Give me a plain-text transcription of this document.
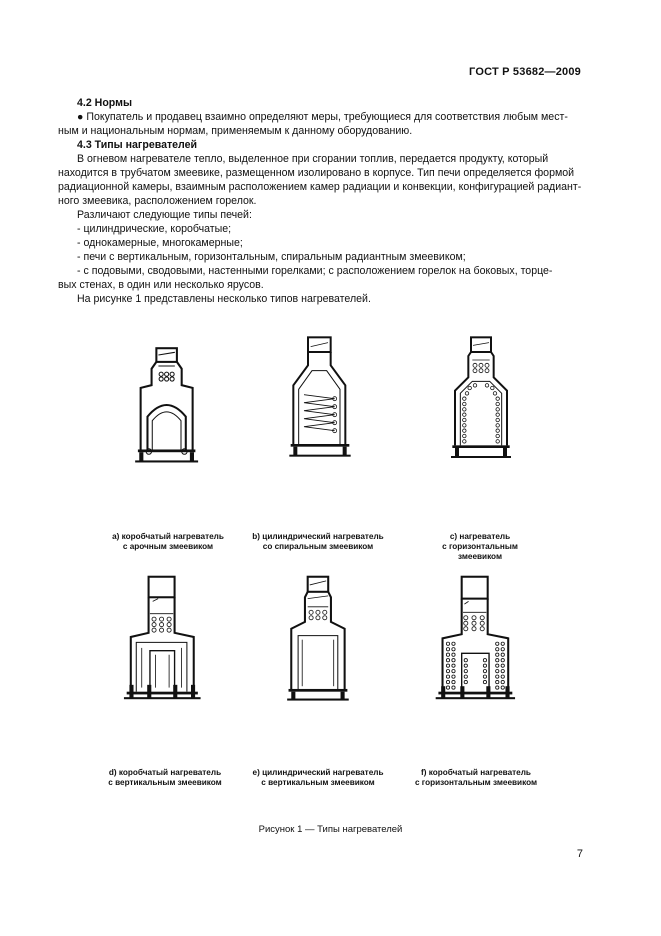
ГОСТ Р 53682—2009

4.2 Нормы

● Покупатель и продавец взаимно определяют меры, требующиеся для соответствия любым мест-

ным и национальным нормам, применяемым к данному оборудованию.

4.3 Типы нагревателей

В огневом нагревателе тепло, выделенное при сгорании топлив, передается продукту, который

находится в трубчатом змеевике, размещенном изолировано в корпусе. Тип печи определяется формой

радиационной камеры, взаимным расположением камер радиации и конвекции, конфигурацией радиант-

ного змеевика, расположением горелок.

Различают следующие типы печей:

- цилиндрические, коробчатые;

- однокамерные, многокамерные;

- печи с вертикальным, горизонтальным, спиральным радиантным змеевиком;

- с подовыми, сводовыми, настенными горелками; с расположением горелок на боковых, торце-

вых стенах, в один или несколько ярусов.

На рисунке 1 представлены несколько типов нагревателей.

a) коробчатый нагреватель
с арочным змеевиком
b) цилиндрический нагреватель
со спиральным змеевиком
c) нагреватель
с горизонтальным
змеевиком
d) коробчатый нагреватель
с вертикальным змеевиком
e) цилиндрический нагреватель
с вертикальным змеевиком
f) коробчатый нагреватель
с горизонтальным змеевиком
Рисунок 1 — Типы нагревателей
7
